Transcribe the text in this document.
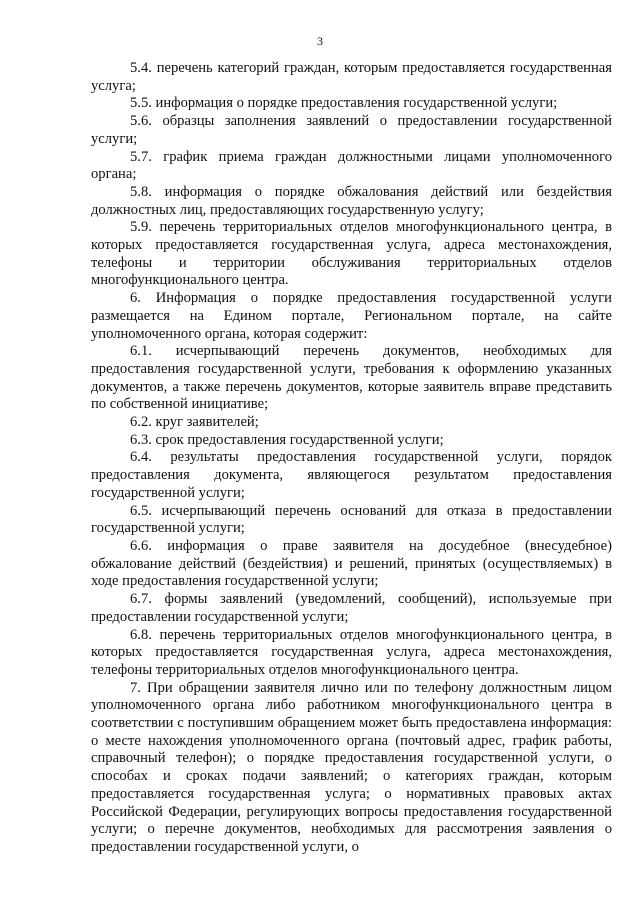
3

5.4. перечень категорий граждан, которым предоставляется государственная услуга;

5.5. информация о порядке предоставления государственной услуги;

5.6. образцы заполнения заявлений о предоставлении государственной услуги;

5.7. график приема граждан должностными лицами уполномоченного органа;

5.8. информация о порядке обжалования действий или бездействия должностных лиц, предоставляющих государственную услугу;

5.9. перечень территориальных отделов многофункционального центра, в которых предоставляется государственная услуга, адреса местонахождения, телефоны и территории обслуживания территориальных отделов многофункционального центра.

6. Информация о порядке предоставления государственной услуги размещается на Едином портале, Региональном портале, на сайте уполномоченного органа, которая содержит:

6.1. исчерпывающий перечень документов, необходимых для предоставления государственной услуги, требования к оформлению указанных документов, а также перечень документов, которые заявитель вправе представить по собственной инициативе;

6.2. круг заявителей;

6.3. срок предоставления государственной услуги;

6.4. результаты предоставления государственной услуги, порядок предоставления документа, являющегося результатом предоставления государственной услуги;

6.5. исчерпывающий перечень оснований для отказа в предоставлении государственной услуги;

6.6. информация о праве заявителя на досудебное (внесудебное) обжалование действий (бездействия) и решений, принятых (осуществляемых) в ходе предоставления государственной услуги;

6.7. формы заявлений (уведомлений, сообщений), используемые при предоставлении государственной услуги;

6.8. перечень территориальных отделов многофункционального центра, в которых предоставляется государственная услуга, адреса местонахождения, телефоны территориальных отделов многофункционального центра.

7. При обращении заявителя лично или по телефону должностным лицом уполномоченного органа либо работником многофункционального центра в соответствии с поступившим обращением может быть предоставлена информация: о месте нахождения уполномоченного органа (почтовый адрес, график работы, справочный телефон); о порядке предоставления государственной услуги, о способах и сроках подачи заявлений; о категориях граждан, которым предоставляется государственная услуга; о нормативных правовых актах Российской Федерации, регулирующих вопросы предоставления государственной услуги; о перечне документов, необходимых для рассмотрения заявления о предоставлении государственной услуги, о
